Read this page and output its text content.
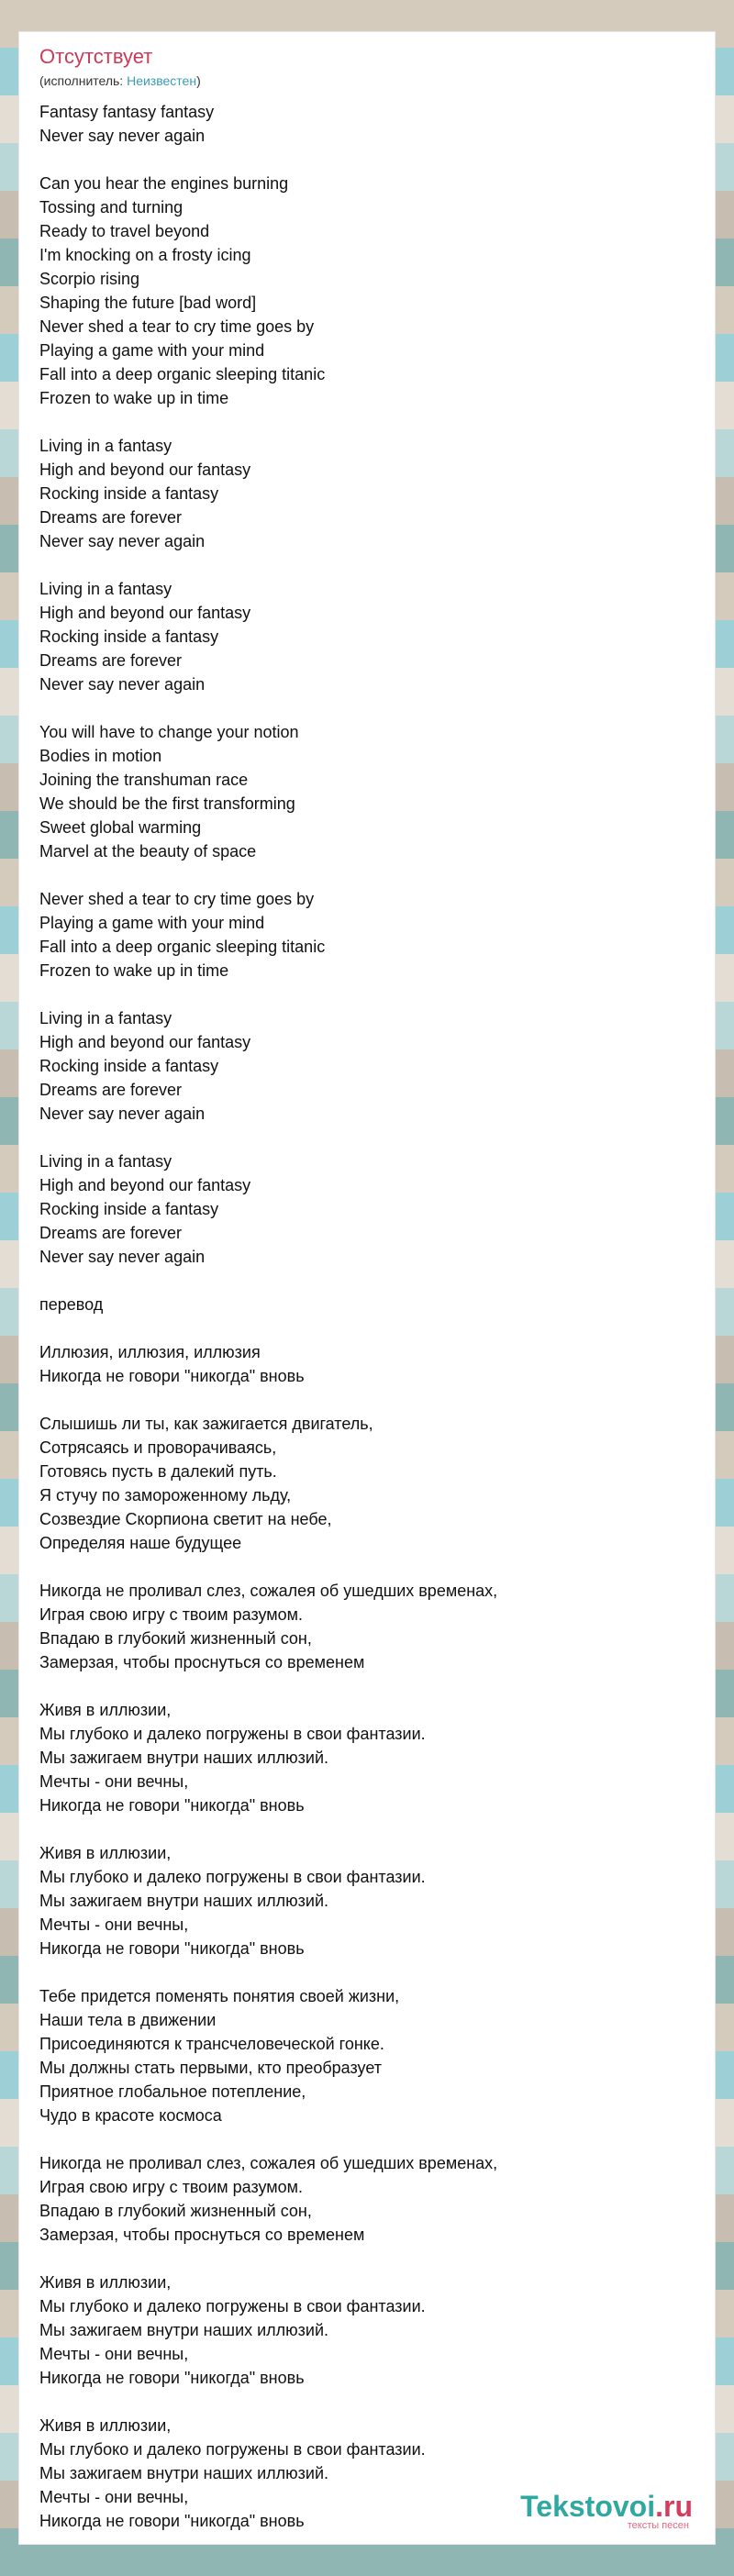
Отсутствует
(исполнитель: Неизвестен)
Fantasy fantasy fantasy
Never say never again
Can you hear the engines burning
Tossing and turning
Ready to travel beyond
I'm knocking on a frosty icing
Scorpio rising
Shaping the future [bad word]
Never shed a tear to cry time goes by
Playing a game with your mind
Fall into a deep organic sleeping titanic
Frozen to wake up in time
Living in a fantasy
High and beyond our fantasy
Rocking inside a fantasy
Dreams are forever
Never say never again
Living in a fantasy
High and beyond our fantasy
Rocking inside a fantasy
Dreams are forever
Never say never again
You will have to change your notion
Bodies in motion
Joining the transhuman race
We should be the first transforming
Sweet global warming
Marvel at the beauty of space
Never shed a tear to cry time goes by
Playing a game with your mind
Fall into a deep organic sleeping titanic
Frozen to wake up in time
Living in a fantasy
High and beyond our fantasy
Rocking inside a fantasy
Dreams are forever
Never say never again
Living in a fantasy
High and beyond our fantasy
Rocking inside a fantasy
Dreams are forever
Never say never again
перевод
Иллюзия, иллюзия, иллюзия
Никогда не говори "никогда" вновь
Слышишь ли ты, как зажигается двигатель,
Сотрясаясь и проворачиваясь,
Готовясь пусть в далекий путь.
Я стучу по замороженному льду,
Созвездие Скорпиона светит на небе,
Определяя наше будущее
Никогда не проливал слез, сожалея об ушедших временах,
Играя свою игру с твоим разумом.
Впадаю в глубокий жизненный сон,
Замерзая, чтобы проснуться со временем
Живя в иллюзии,
Мы глубоко и далеко погружены в свои фантазии.
Мы зажигаем внутри наших иллюзий.
Мечты - они вечны,
Никогда не говори "никогда" вновь
Живя в иллюзии,
Мы глубоко и далеко погружены в свои фантазии.
Мы зажигаем внутри наших иллюзий.
Мечты - они вечны,
Никогда не говори "никогда" вновь
Тебе придется поменять понятия своей жизни,
Наши тела в движении
Присоединяются к трансчеловеческой гонке.
Мы должны стать первыми, кто преобразует
Приятное глобальное потепление,
Чудо в красоте космоса
Никогда не проливал слез, сожалея об ушедших временах,
Играя свою игру с твоим разумом.
Впадаю в глубокий жизненный сон,
Замерзая, чтобы проснуться со временем
Живя в иллюзии,
Мы глубоко и далеко погружены в свои фантазии.
Мы зажигаем внутри наших иллюзий.
Мечты - они вечны,
Никогда не говори "никогда" вновь
Живя в иллюзии,
Мы глубоко и далеко погружены в свои фантазии.
Мы зажигаем внутри наших иллюзий.
Мечты - они вечны,
Никогда не говори "никогда" вновь	Tekstovoi.ru
тексты песен
